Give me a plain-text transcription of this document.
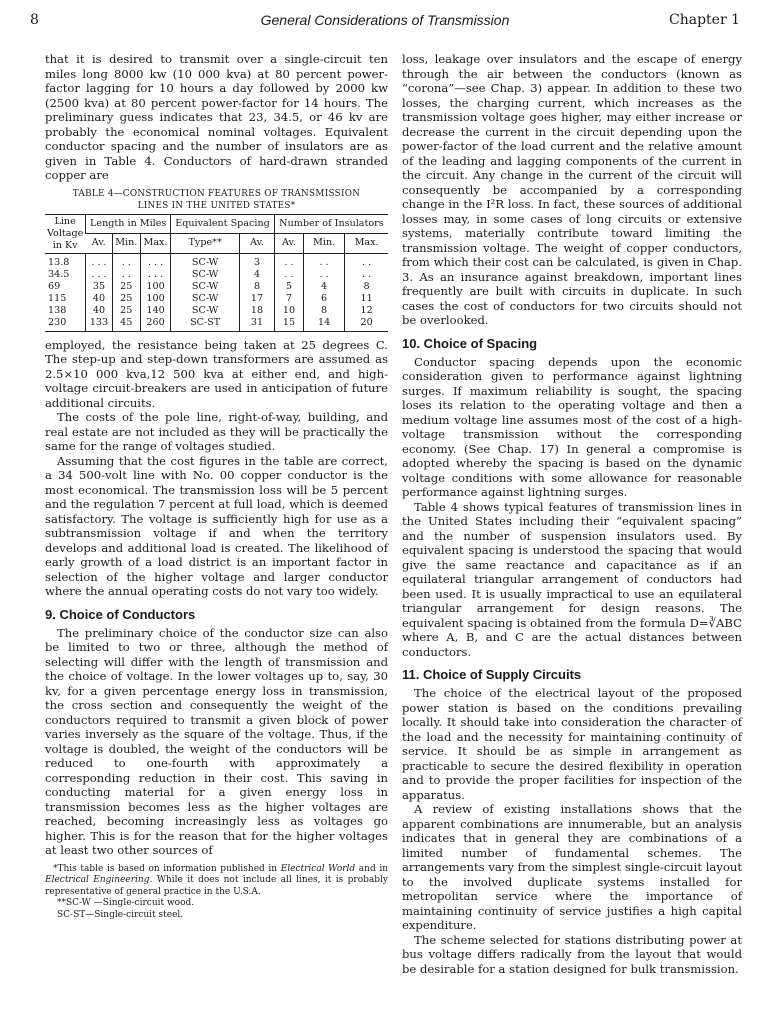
8	General Considerations of Transmission	Chapter 1

that it is desired to transmit over a single-circuit ten miles long 8000 kw (10 000 kva) at 80 percent power-factor lagging for 10 hours a day followed by 2000 kw (2500 kva) at 80 percent power-factor for 14 hours. The preliminary guess indicates that 23, 34.5, or 46 kv are probably the economical nominal voltages. Equivalent conductor spacing and the number of insulators are as given in Table 4. Conductors of hard-drawn stranded copper are

TABLE 4—CONSTRUCTION FEATURES OF TRANSMISSION
LINES IN THE UNITED STATES*
Line Voltage in Kv	Length in Miles			Equivalent Spacing		Number of Insulators		
	Av.	Min.	Max.	Type**	Av.	Av.	Min.	Max.
13.8	. . .	. .	. . .	SC-W	3	. .	. .	. .
34.5	. . .	. .	. . .	SC-W	4	. .	. .	. .
69	35	25	100	SC-W	8	5	4	8
115	40	25	100	SC-W	17	7	6	11
138	40	25	140	SC-W	18	10	8	12
230	133	45	260	SC-ST	31	15	14	20

employed, the resistance being taken at 25 degrees C. The step-up and step-down transformers are assumed as 2.5×10 000 kva,12 500 kva at either end, and high-voltage circuit-breakers are used in anticipation of future additional circuits.

The costs of the pole line, right-of-way, building, and real estate are not included as they will be practically the same for the range of voltages studied.

Assuming that the cost figures in the table are correct, a 34 500-volt line with No. 00 copper conductor is the most economical. The transmission loss will be 5 percent and the regulation 7 percent at full load, which is deemed satisfactory. The voltage is sufficiently high for use as a subtransmission voltage if and when the territory develops and additional load is created. The likelihood of early growth of a load district is an important factor in selection of the higher voltage and larger conductor where the annual operating costs do not vary too widely.

9. Choice of Conductors

The preliminary choice of the conductor size can also be limited to two or three, although the method of selecting will differ with the length of transmission and the choice of voltage. In the lower voltages up to, say, 30 kv, for a given percentage energy loss in transmission, the cross section and consequently the weight of the conductors required to transmit a given block of power varies inversely as the square of the voltage. Thus, if the voltage is doubled, the weight of the conductors will be reduced to one-fourth with approximately a corresponding reduction in their cost. This saving in conducting material for a given energy loss in transmission becomes less as the higher voltages are reached, becoming increasingly less as voltages go higher. This is for the reason that for the higher voltages at least two other sources of

*This table is based on information published in Electrical World and in Electrical Engineering. While it does not include all lines, it is probably representative of general practice in the U.S.A.

**SC-W —Single-circuit wood.

SC-ST—Single-circuit steel.

loss, leakage over insulators and the escape of energy through the air between the conductors (known as “corona”—see Chap. 3) appear. In addition to these two losses, the charging current, which increases as the transmission voltage goes higher, may either increase or decrease the current in the circuit depending upon the power-factor of the load current and the relative amount of the leading and lagging components of the current in the circuit. Any change in the current of the circuit will consequently be accompanied by a corresponding change in the I²R loss. In fact, these sources of additional losses may, in some cases of long circuits or extensive systems, materially contribute toward limiting the transmission voltage. The weight of copper conductors, from which their cost can be calculated, is given in Chap. 3. As an insurance against breakdown, important lines frequently are built with circuits in duplicate. In such cases the cost of conductors for two circuits should not be overlooked.

10. Choice of Spacing

Conductor spacing depends upon the economic consideration given to performance against lightning surges. If maximum reliability is sought, the spacing loses its relation to the operating voltage and then a medium voltage line assumes most of the cost of a high-voltage transmission without the corresponding economy. (See Chap. 17) In general a compromise is adopted whereby the spacing is based on the dynamic voltage conditions with some allowance for reasonable performance against lightning surges.

Table 4 shows typical features of transmission lines in the United States including their “equivalent spacing” and the number of suspension insulators used. By equivalent spacing is understood the spacing that would give the same reactance and capacitance as if an equilateral triangular arrangement of conductors had been used. It is usually impractical to use an equilateral triangular arrangement for design reasons. The equivalent spacing is obtained from the formula D=∛ABC where A, B, and C are the actual distances between conductors.

11. Choice of Supply Circuits

The choice of the electrical layout of the proposed power station is based on the conditions prevailing locally. It should take into consideration the character of the load and the necessity for maintaining continuity of service. It should be as simple in arrangement as practicable to secure the desired flexibility in operation and to provide the proper facilities for inspection of the apparatus.

A review of existing installations shows that the apparent combinations are innumerable, but an analysis indicates that in general they are combinations of a limited number of fundamental schemes. The arrangements vary from the simplest single-circuit layout to the involved duplicate systems installed for metropolitan service where the importance of maintaining continuity of service justifies a high capital expenditure.

The scheme selected for stations distributing power at bus voltage differs radically from the layout that would be desirable for a station designed for bulk transmission.
